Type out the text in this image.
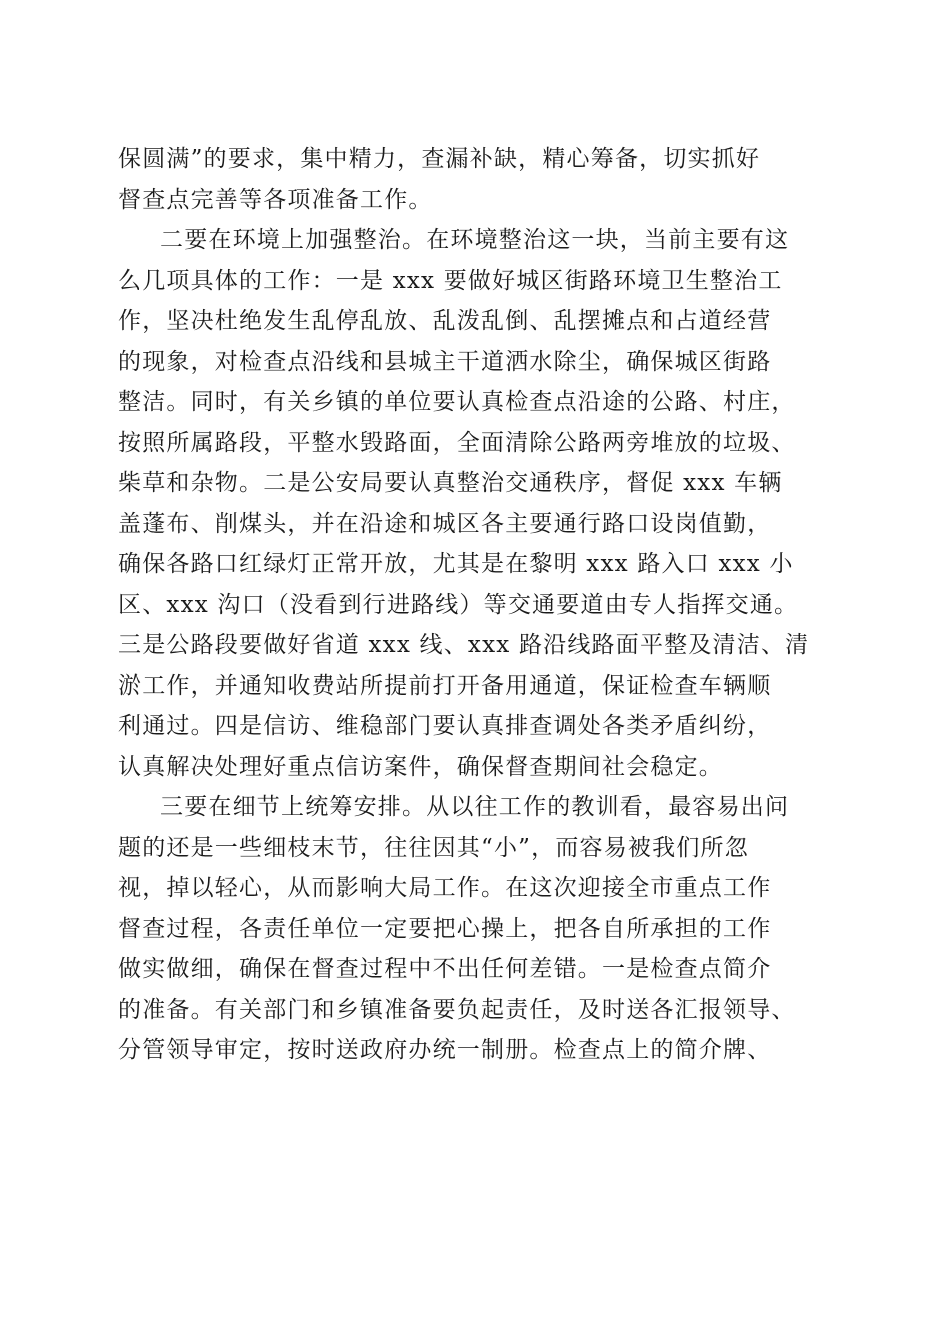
保圆满”的要求，集中精力，查漏补缺，精心筹备，切实抓好
督查点完善等各项准备工作。
二要在环境上加强整治。在环境整治这一块，当前主要有这
么几项具体的工作：一是 xxx 要做好城区街路环境卫生整治工
作，坚决杜绝发生乱停乱放、乱泼乱倒、乱摆摊点和占道经营
的现象，对检查点沿线和县城主干道洒水除尘，确保城区街路
整洁。同时，有关乡镇的单位要认真检查点沿途的公路、村庄，
按照所属路段，平整水毁路面，全面清除公路两旁堆放的垃圾、
柴草和杂物。二是公安局要认真整治交通秩序，督促 xxx 车辆
盖蓬布、削煤头，并在沿途和城区各主要通行路口设岗值勤，
确保各路口红绿灯正常开放，尤其是在黎明 xxx 路入口 xxx 小
区、xxx 沟口（没看到行进路线）等交通要道由专人指挥交通。
三是公路段要做好省道 xxx 线、xxx 路沿线路面平整及清洁、清
淤工作，并通知收费站所提前打开备用通道，保证检查车辆顺
利通过。四是信访、维稳部门要认真排查调处各类矛盾纠纷，
认真解决处理好重点信访案件，确保督查期间社会稳定。
三要在细节上统筹安排。从以往工作的教训看，最容易出问
题的还是一些细枝末节，往往因其“小”，而容易被我们所忽
视，掉以轻心，从而影响大局工作。在这次迎接全市重点工作
督查过程，各责任单位一定要把心操上，把各自所承担的工作
做实做细，确保在督查过程中不出任何差错。一是检查点简介
的准备。有关部门和乡镇准备要负起责任，及时送各汇报领导、
分管领导审定，按时送政府办统一制册。检查点上的简介牌、
